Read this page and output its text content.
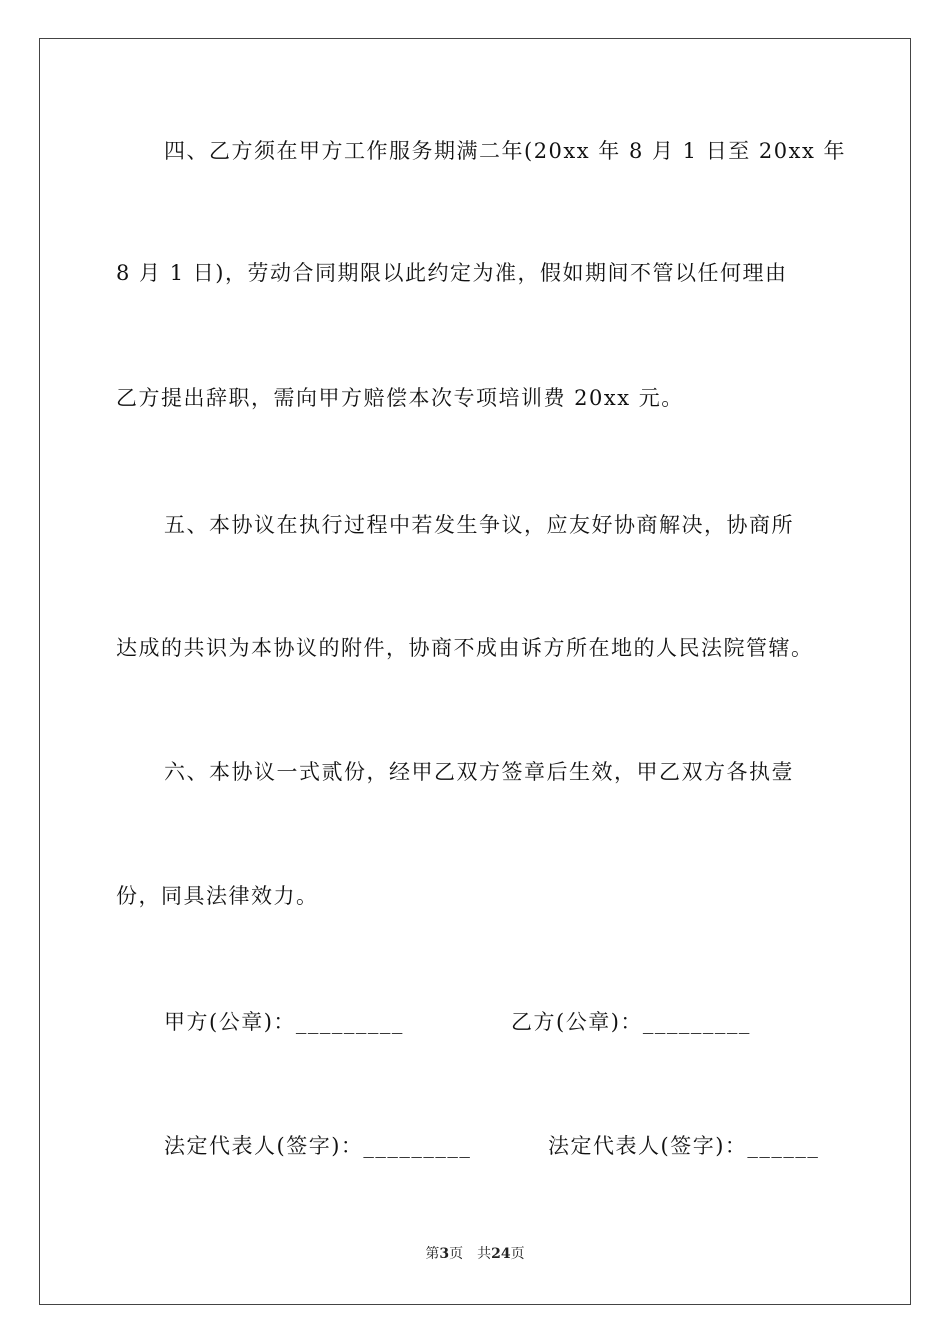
四、乙方须在甲方工作服务期满二年(20xx 年 8 月 1 日至 20xx 年
8 月 1 日)，劳动合同期限以此约定为准，假如期间不管以任何理由
乙方提出辞职，需向甲方赔偿本次专项培训费 20xx 元。
五、本协议在执行过程中若发生争议，应友好协商解决，协商所
达成的共识为本协议的附件，协商不成由诉方所在地的人民法院管辖。
六、本协议一式贰份，经甲乙双方签章后生效，甲乙双方各执壹
份，同具法律效力。
甲方(公章)：_________	乙方(公章)：_________
法定代表人(签字)：_________	法定代表人(签字)：______
第3页 共24页
